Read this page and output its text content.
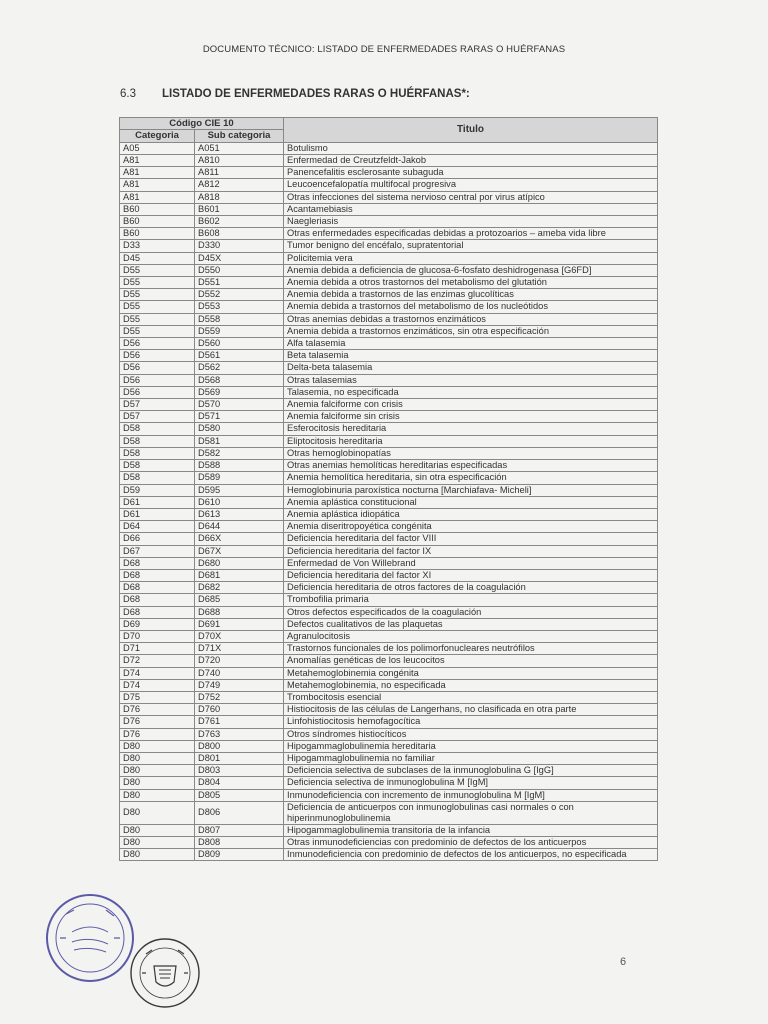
DOCUMENTO TÉCNICO: LISTADO DE ENFERMEDADES RARAS O HUÉRFANAS
6.3 LISTADO DE ENFERMEDADES RARAS O HUÉRFANAS*:
Código CIE 10		Titulo
Categoria	Sub categoria	
A05	A051	Botulismo
A81	A810	Enfermedad de Creutzfeldt-Jakob
A81	A811	Panencefalitis esclerosante subaguda
A81	A812	Leucoencefalopatía multifocal progresiva
A81	A818	Otras infecciones del sistema nervioso central por virus atípico
B60	B601	Acantamebiasis
B60	B602	Naegleriasis
B60	B608	Otras enfermedades especificadas debidas a protozoarios – ameba vida libre
D33	D330	Tumor benigno del encéfalo, supratentorial
D45	D45X	Policitemia vera
D55	D550	Anemia debida a deficiencia de glucosa-6-fosfato deshidrogenasa [G6FD]
D55	D551	Anemia debida a otros trastornos del metabolismo del glutatión
D55	D552	Anemia debida a trastornos de las enzimas glucolíticas
D55	D553	Anemia debida a trastornos del metabolismo de los nucleótidos
D55	D558	Otras anemias debidas a trastornos enzimáticos
D55	D559	Anemia debida a trastornos enzimáticos, sin otra especificación
D56	D560	Alfa talasemia
D56	D561	Beta talasemia
D56	D562	Delta-beta talasemia
D56	D568	Otras talasemias
D56	D569	Talasemia, no especificada
D57	D570	Anemia falciforme con crisis
D57	D571	Anemia falciforme sin crisis
D58	D580	Esferocitosis hereditaria
D58	D581	Eliptocitosis hereditaria
D58	D582	Otras hemoglobinopatías
D58	D588	Otras anemias hemolíticas hereditarias especificadas
D58	D589	Anemia hemolítica hereditaria, sin otra especificación
D59	D595	Hemoglobinuria paroxística nocturna [Marchiafava- Micheli]
D61	D610	Anemia aplástica constitucional
D61	D613	Anemia aplástica idiopática
D64	D644	Anemia diseritropoyética congénita
D66	D66X	Deficiencia hereditaria del factor VIII
D67	D67X	Deficiencia hereditaria del factor IX
D68	D680	Enfermedad de Von Willebrand
D68	D681	Deficiencia hereditaria del factor XI
D68	D682	Deficiencia hereditaria de otros factores de la coagulación
D68	D685	Trombofilia primaria
D68	D688	Otros defectos especificados de la coagulación
D69	D691	Defectos cualitativos de las plaquetas
D70	D70X	Agranulocitosis
D71	D71X	Trastornos funcionales de los polimorfonucleares neutrófilos
D72	D720	Anomalías genéticas de los leucocitos
D74	D740	Metahemoglobinemia congénita
D74	D749	Metahemoglobinemia, no especificada
D75	D752	Trombocitosis esencial
D76	D760	Histiocitosis de las células de Langerhans, no clasificada en otra parte
D76	D761	Linfohistiocitosis hemofagocítica
D76	D763	Otros síndromes histiocíticos
D80	D800	Hipogammaglobulinemia hereditaria
D80	D801	Hipogammaglobulinemia no familiar
D80	D803	Deficiencia selectiva de subclases de la inmunoglobulina G [IgG]
D80	D804	Deficiencia selectiva de inmunoglobulina M [IgM]
D80	D805	Inmunodeficiencia con incremento de inmunoglobulina M [IgM]
D80	D806	Deficiencia de anticuerpos con inmunoglobulinas casi normales o con hiperinmunoglobulinemia
D80	D807	Hipogammaglobulinemia transitoria de la infancia
D80	D808	Otras inmunodeficiencias con predominio de defectos de los anticuerpos
D80	D809	Inmunodeficiencia con predominio de defectos de los anticuerpos, no especificada
6
